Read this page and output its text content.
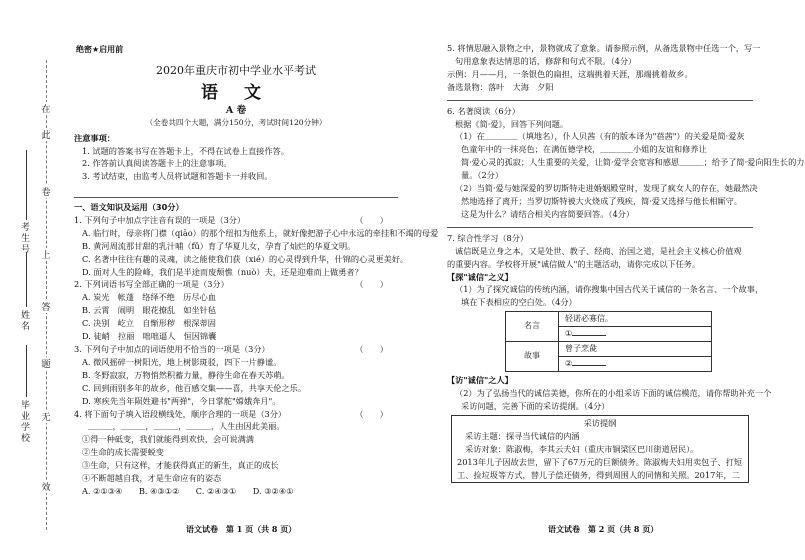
在
此
卷
上
答
题
无
效
考生号
姓名
毕业学校
绝密★启用前
2020年重庆市初中学业水平考试
语 文
A 卷
（全卷共四个大题，满分150分，考试时间120分钟）

注意事项：

1. 试题的答案书写在答题卡上，不得在试卷上直接作答。

2. 作答前认真阅读答题卡上的注意事项。

3. 考试结束，由监考人员将试题和答题卡一并收回。

一、语文知识及运用（30分）

1. 下列句子中加点字注音有误的一项是（3分）	（　　）

A. 临行时，母亲将门襟（qiāo）的那个纽扣为他系上，就好像把游子心中永远的牵挂和不竭的母爱

B. 黄河周流那甘甜的乳汁哺（fǔ）育了华夏儿女，孕育了灿烂的华夏文明。

C. 名著中往往有趣的灵魂，读之能使我们获（xié）的心灵得到升华，什锦的心灵更美好。

D. 面对人生的险峰，我们是半途而废颓憔（nuò）夫，还是迎难而上做勇者？

2. 下列词语书写全部正确的一项是（3分）	（　　）

A. 炭光　帐蓬　络绎不绝　历尽心血

B. 云霄　闹明　眼花撩乱　如坐针毡

C. 决别　屹立　自惭形秽　根深蒂固

D. 徒峭　拉丽　咄咄逼人　恒因锦囊

3. 下列句子中加点的词语使用不恰当的一项是（3分）	（　　）

A. 微风摇碎一树阳光，地上树影斑驳，四下一片静谧。

B. 冬野寂寂，万物悄然积蓄力量，静待生命在春天苏萌。

C. 回到雨别多年的故乡，他百感交集——喜，共享天伦之乐。

D. 寒疾先当年陨姓避书"两弹"，今日掌舵"嫦娥奔月"。

4. 将下面句子填入语段横线处，顺序合理的一项是（3分）	（　　）

＿＿＿，＿＿＿，＿＿＿，＿＿＿，人生由因此美丽。

①得一种砥变，我们就能得到欢快，会可说满满

②生命的成长需要蜕变

③生命，只有这样，才能获得真正的新生，真正的成长

④不断超越自我，才是生命应有的姿态

A. ②①③④　　B. ④③①②　　C. ②④③①　　D. ③②④①

语文试卷　第 1 页（共 8 页）

5. 将情思融入景物之中，景物就成了意象。请参照示例，从备选景物中任选一个，写一

句用意象表达情思的话，修辞和句式不限。（4分）

示例：月——月，一条银色的扁担，这端挑着天涯，那端挑着故乡。

备选景物：落叶　大海　夕阳

6. 名著阅读（6分）

根据《简·爱》，回答下列问题。

（1）在＿＿＿＿（填地名），仆人贝茜（有的版本译为"蓓茜"）的关爱是简·爱灰

色童年中的一抹亮色；在满伍德学校，＿＿＿＿小姐的友谊和修养让

简·爱心灵的孤寂；人生重要的关爱，让简·爱学会宽容和感恩＿＿＿；给予了简·爱向阳生长的力

量。（2分）

（2）当简·爱与她深爱的罗切斯特走进婚姻殿堂时，发现了疯女人的存在，她最然决

然地选择了离开；当罗切斯特被大火烧成了残疾，简·爱又选择与他长相厮守。

这是为什么？请结合相关内容简要回答。（4分）

7. 综合性学习（8分）

诚信既是立身之本，又是处世、教子、经商、治国之道，是社会主义核心价值观

的重要内容。学校将开展"诚信做人"的主题活动，请你完成以下任务。

【探"诚信"之义】

（1）为了探究诚信的传统内涵，请你搜集中国古代关于诚信的一条名言、一个故事，

填在下表相应的空白处。（4分）

名言	轻诺必寡信。
	①
故事	曾子烹彘
	②

【访"诚信"之人】

（2）为了弘扬当代的诚信美德，你所在的小组采访下面的诚信模范，请你帮助补充一个

采访问题，完善下面的采访提纲。（4分）

采访提纲

采访主题：探寻当代诚信的内涵

采访对象：陈淑梅，李其云夫妇（重庆市铜梁区巴川街道居民）。

2013年儿子因故去世，留下了67万元的巨额债务。陈淑梅夫妇用卖包子、打短

工、捡垃圾等方式，替儿子偿还债务，得到周围人的同情和关照。2017年，二

语文试卷　第 2 页（共 8 页）
